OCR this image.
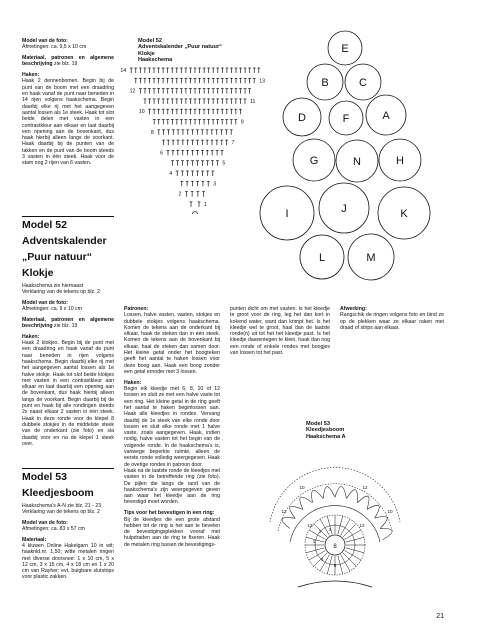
Model van de foto:
Afmetingen: ca. 9,5 x 10 cm

Materiaal, patronen en algemene beschrijving zie blz. 19

Haken:
Haak 2 dennenbomen. Begin bij de punt van de boom met een draadring en haak vanaf de punt naar beneden in 14 rijen volgens haakschema. Begin daarbij elke rij met het aangegeven aantal lossen als 1e steek. Haak tot slot beide delen met vasten in een contrastkleur aan elkaar en laat daarbij een opening aan de bovenkant, dus haak hierbij alleen langs de voorkant. Haak daarbij bij de punten van de takken en de punt van de boom steeds 3 vasten in één steek. Haak voor de stam nog 2 rijen van 6 vasten.

Model 52

Adventskalender

„Puur natuur“

Klokje

Haakschema zie hiernaast

Verklaring van de tekens op blz. 2

Model van de foto:
Afmetingen: ca. 9 x 10 cm

Materiaal, patronen en algemene beschrijving zie blz. 19

Haken:
Haak 2 klokjes. Begin bij de punt met een draadring en haak vanaf de punt naar beneden in rijen volgens haakschema. Begin daarbij elke rij met het aangegeven aantal lossen als 1e halve stokje. Haak tot slot beide klokjes met vasten in een contrastkleur aan elkaar en laat daarbij een opening aan de bovenkant, dus haak hierbij alleen langs de voorkant. Begin daarbij bij de punt en haak bij alle rondingen steeds 2x naast elkaar 2 vasten in één steek. Haak in deze ronde voor de klepel 8 dubbele stokjes in de middelste steek van de onderkant (zie foto) en sla daarbij voor en na de klepel 1 steek over.

Model 53

Kleedjesboom

Haakschema's A-N zie blz. 21 - 23

Verklaring van de tekens op blz. 2

Model van de foto:
Afmetingen: ca. 83 x 57 cm

Materiaal:
4 kluwen Online Hakelgarn 10 in wit; haaknld.nr. 1,50; witte metalen ringen met diverse doorsnee: 1 x 10 cm, 5 x 12 cm, 3 x 15 cm, 4 x 18 cm en 1 x 20 cm van Rayher; evt. buigbare slutstrips voor plastic zakken.

Patronen:
Lossen, halve vasten, vasten, stokjes en dubbele stokjes volgens haakschema. Komen de tekens aan de onderkant bij elkaar, haak de steken dan in één steek. Komen de tekens aan de bovenkant bij elkaar, haal de steken dan samen door. Het kleine getal onder het boogteken geeft het aantal te haken lossen voor deze boog aan. Haak een boog zonder een getal ernoder met 3 lossen.

Haken:
Begin elk kleedje met 6, 8, 10 of 12 lossen en sluit ze met een halve vaste tot een ring. Het kleine getal in de ring geeft het aantal te haken beginlossen aan. Haak alle kleedjes in rondes. Vervang daarbij de 1e steek van elke ronde door lossen en sluit elke ronde met 1 halve vaste, zoals aangegeven. Haak, indien nodig, halve vasten tot het begin van de volgende ronde. In de haakschema's is, vanwege beperkte ruimte, alleen de eerste ronde volledig weergegeven. Haak de overige rondes in patroon door.
Haak na de laatste ronde de kleedjes met vasten in de betreffende ring (zie foto). De pijlen die langs de rand van de haakschema's zijn weergegeven geven aan waar het kleedje aan de ring bevestigd moet worden.

Tips voor het bevestigen in een ring:
Bij de kleedjes die een grote afstand hebben tot de ring is het aan te bevelen de bevestigingsplekken vooraf met hulpdraden aan de ring te fixeren. Haak de metalen ring tussen de bevestigings-

punten dicht om met vasten. Is het kleedje te groot voor de ring, leg het dan kort in kokend water, want dan krimpt het. Is het kleedje wel te groot, haal dan de laatste ronde(n) uit tot het het kleedje past. Is het kleedje daarentegen te klein, haak dan nog een ronde of enkele rondes met boogjes van lossen tot het past.

Afwerking:
Rangschik de ringen volgens foto en bind ze op de plekken waar ze elkaar raken met draad of strips aan elkaar.

Model 52
Adventskalender „Puur natuur“
Klokje
Haakschema
14
13
12
11
10
9
8
7
6
5
4
3
2
1
E
B	C
D	F	A
G	N	H
I	J	K
L	M
Model 53
Kleedjesboom
Haakschema A
10	12
12	10
12	12
8
5
4
1
2 3
21
